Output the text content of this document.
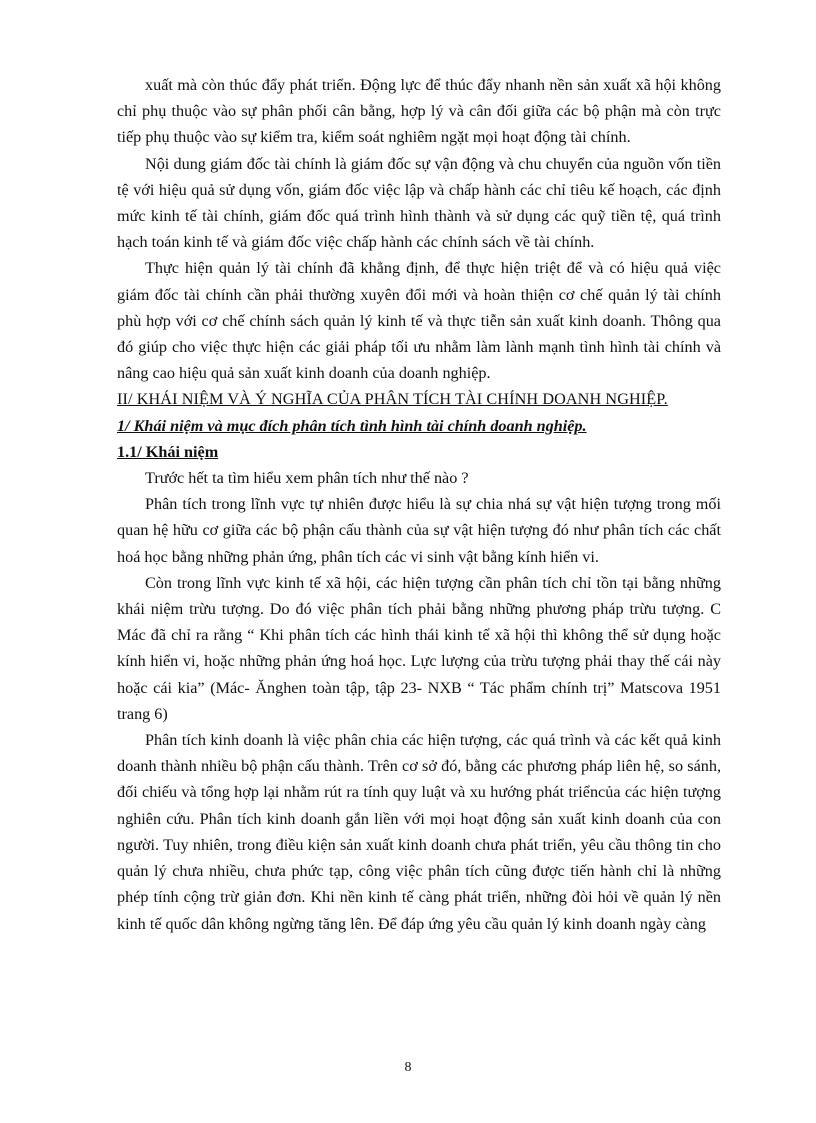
xuất mà còn thúc đẩy phát triển. Động lực để thúc đẩy nhanh nền sản xuất xã hội không chỉ phụ thuộc vào sự phân phối cân bằng, hợp lý và cân đối giữa các bộ phận mà còn trực tiếp phụ thuộc vào sự kiểm tra, kiểm soát nghiêm ngặt mọi hoạt động tài chính.

Nội dung giám đốc tài chính là giám đốc sự vận động và chu chuyển của nguồn vốn tiền tệ với hiệu quả sử dụng vốn, giám đốc việc lập và chấp hành các chỉ tiêu kế hoạch, các định mức kinh tế tài chính, giám đốc quá trình hình thành và sử dụng các quỹ tiền tệ, quá trình hạch toán kinh tế và giám đốc việc chấp hành các chính sách về tài chính.

Thực hiện quản lý tài chính đã khẳng định, để thực hiện triệt để và có hiệu quả việc giám đốc tài chính cần phải thường xuyên đổi mới và hoàn thiện cơ chế quản lý tài chính phù hợp với cơ chế chính sách quản lý kinh tế và thực tiễn sản xuất kinh doanh. Thông qua đó giúp cho việc thực hiện các giải pháp tối ưu nhằm làm lành mạnh tình hình tài chính và nâng cao hiệu quả sản xuất kinh doanh của doanh nghiệp.

II/ KHÁI NIỆM VÀ Ý NGHĨA CỦA PHÂN TÍCH TÀI CHÍNH DOANH NGHIỆP.
1/ Khái niệm và mục đích phân tích tình hình tài chính doanh nghiệp.
1.1/ Khái niệm

Trước hết ta tìm hiểu xem phân tích như thế nào ?

Phân tích trong lĩnh vực tự nhiên được hiểu là sự chia nhá sự vật hiện tượng trong mối quan hệ hữu cơ giữa các bộ phận cấu thành của sự vật hiện tượng đó như phân tích các chất hoá học bằng những phản ứng, phân tích các vi sinh vật bằng kính hiển vi.

Còn trong lĩnh vực kinh tế xã hội, các hiện tượng cần phân tích chỉ tồn tại bằng những khái niệm trừu tượng. Do đó việc phân tích phải bằng những phương pháp trừu tượng. C Mác đã chỉ ra rằng “ Khi phân tích các hình thái kinh tế xã hội thì không thể sử dụng hoặc kính hiển vi, hoặc những phản ứng hoá học. Lực lượng của trừu tượng phải thay thế cái này hoặc cái kia” (Mác- Ănghen toàn tập, tập 23- NXB “ Tác phẩm chính trị” Matscova 1951 trang 6)

Phân tích kinh doanh là việc phân chia các hiện tượng, các quá trình và các kết quả kinh doanh thành nhiều bộ phận cấu thành. Trên cơ sở đó, bằng các phương pháp liên hệ, so sánh, đối chiếu và tổng hợp lại nhằm rút ra tính quy luật và xu hướng phát triểncủa các hiện tượng nghiên cứu. Phân tích kinh doanh gắn liền với mọi hoạt động sản xuất kinh doanh của con người. Tuy nhiên, trong điều kiện sản xuất kinh doanh chưa phát triển, yêu cầu thông tin cho quản lý chưa nhiều, chưa phức tạp, công việc phân tích cũng được tiến hành chỉ là những phép tính cộng trừ giản đơn. Khi nền kinh tế càng phát triển, những đòi hỏi về quản lý nền kinh tế quốc dân không ngừng tăng lên. Để đáp ứng yêu cầu quản lý kinh doanh ngày càng

8
